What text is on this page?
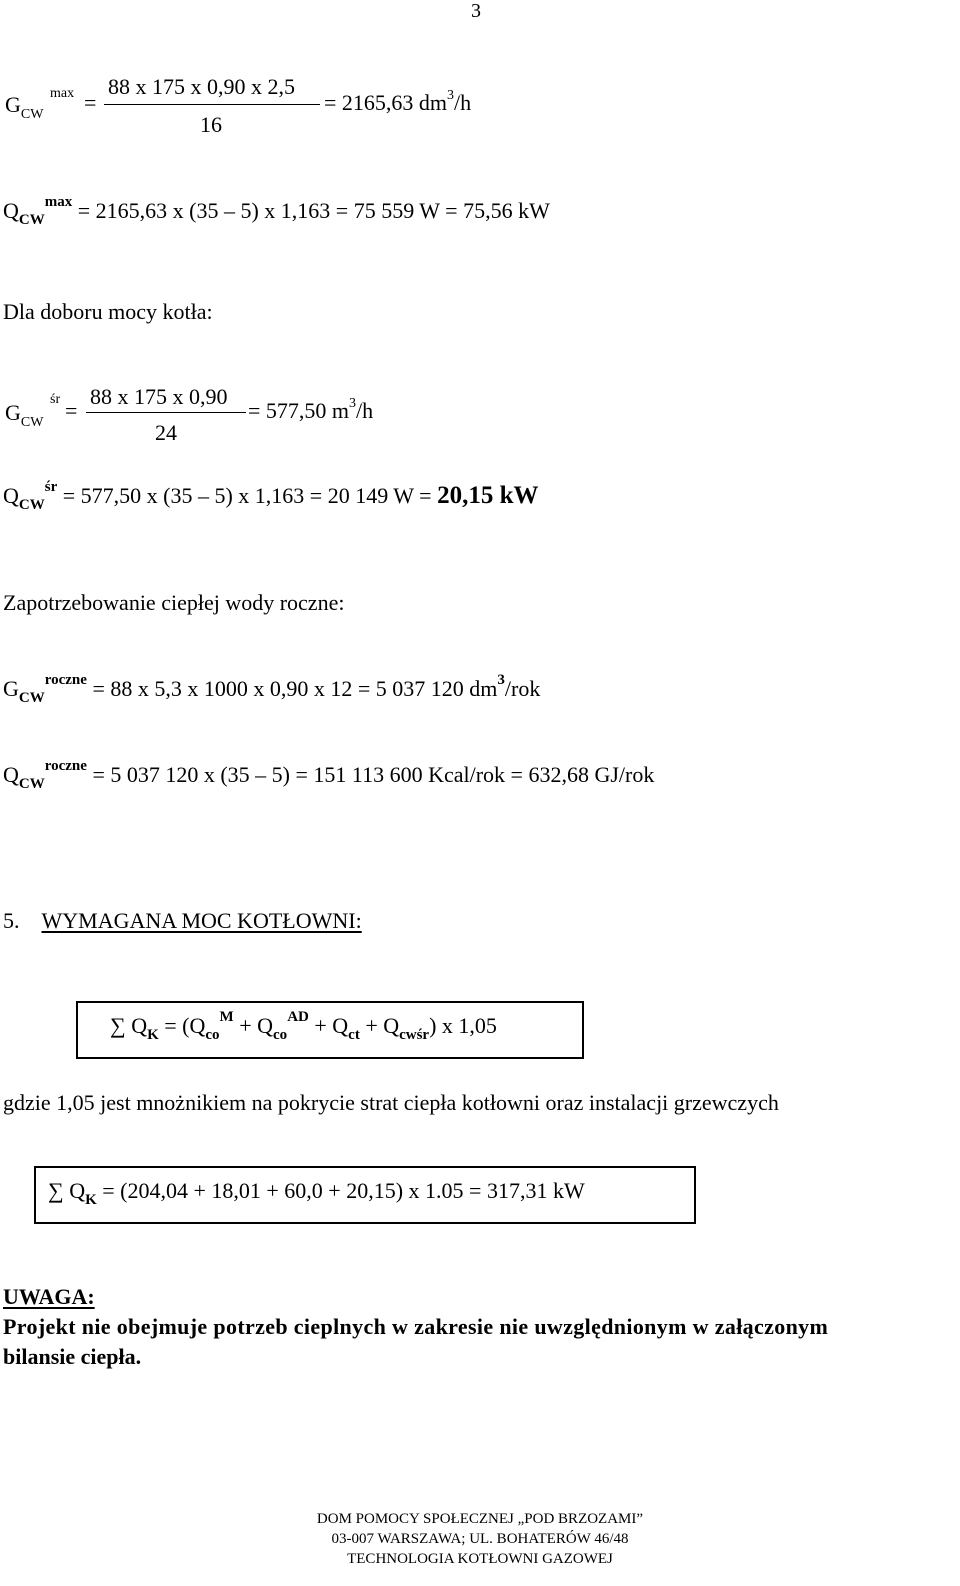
3
$G_{CW}$
max =
88 x 175 x 0,90 x 2,5
16
= 2165,63 $dm^3/h$
$Q_{CW}^{max} = 2165,63$ x (35 – 5) x 1,163 = 75 559 W = 75,56 kW
Dla doboru mocy kotła:
$G_{CW}$
śr =
88 x 175 x 0,90
24
= 577,50 $m^3/h$
$Q_{CW}^{śr} = 577,50$ x (35 – 5) x 1,163 = 20 149 W = 20,15 kW
Zapotrzebowanie ciepłej wody roczne:
$G_{CW}^{roczne} = 88$ x 5,3 x 1000 x 0,90 x 12 = 5 037 120 $dm^3$/rok
$Q_{CW}^{roczne} = 5$ 037 120 x (35 – 5) = 151 113 600 Kcal/rok = 632,68 GJ/rok
5. WYMAGANA MOC KOTŁOWNI:
∑ $Q_K = (Q_{co}^M + Q_{co}^{AD} + Q_{ct} + Q_{cwśr})$ x 1,05
gdzie 1,05 jest mnożnikiem na pokrycie strat ciepła kotłowni oraz instalacji grzewczych
∑ $Q_K = (204,04 + 18,01 + 60,0 + 20,15)$ x 1.05 = 317,31 kW
UWAGA:
Projekt nie obejmuje potrzeb cieplnych w zakresie nie uwzględnionym w załączonym
bilansie ciepła.
DOM POMOCY SPOŁECZNEJ „POD BRZOZAMI”
03-007 WARSZAWA; UL. BOHATERÓW 46/48
TECHNOLOGIA KOTŁOWNI GAZOWEJ
